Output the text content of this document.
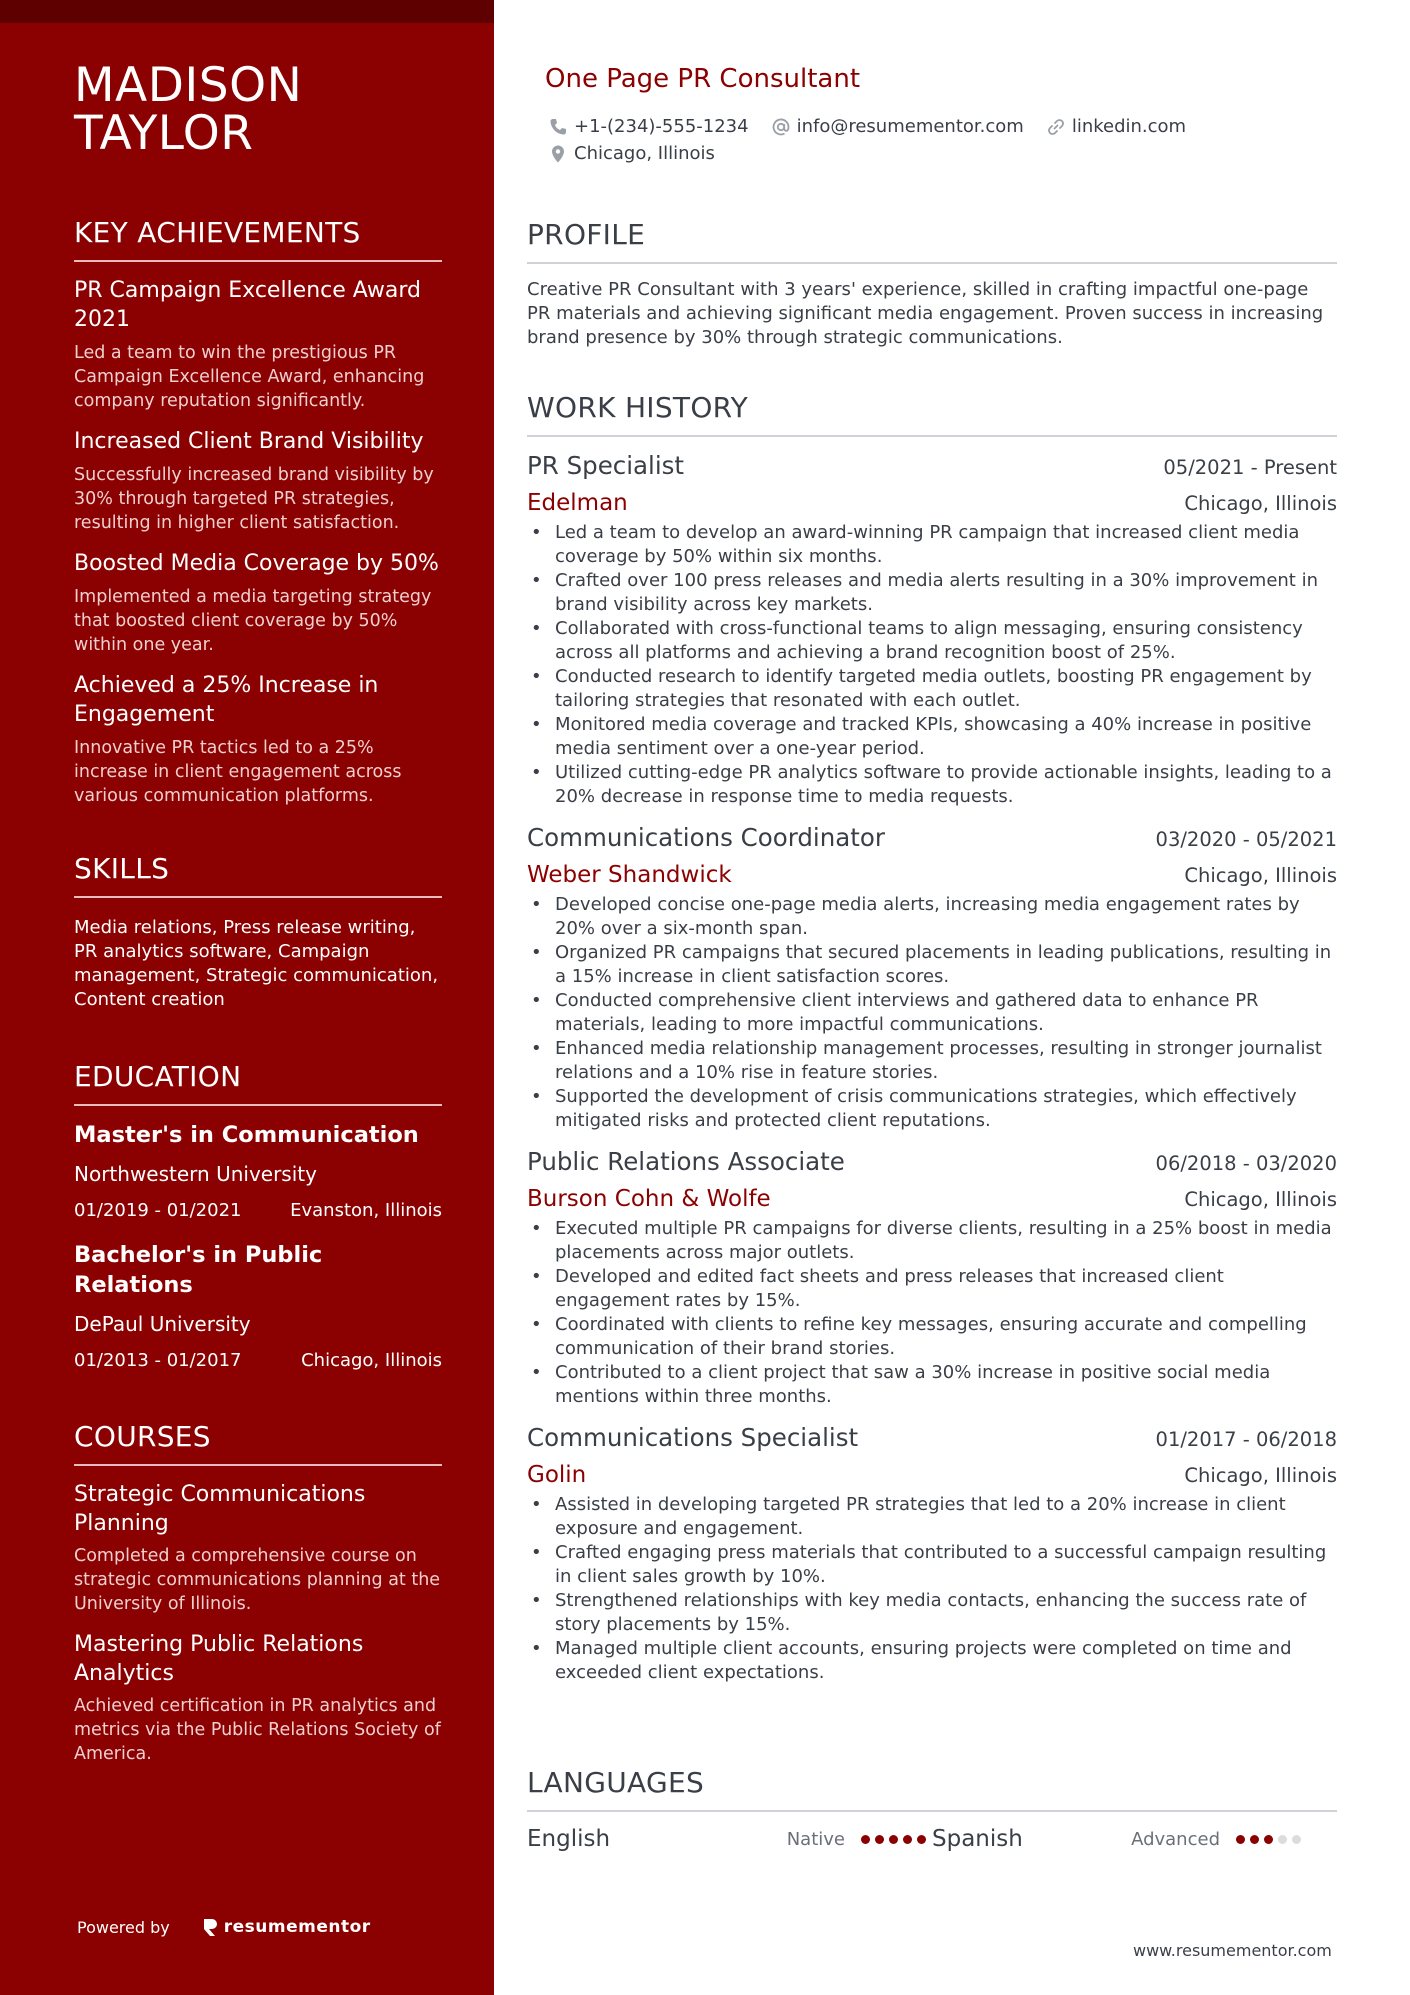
MADISON
TAYLOR
KEY ACHIEVEMENTS
PR Campaign Excellence Award 2021
Led a team to win the prestigious PR Campaign Excellence Award, enhancing company reputation significantly.
Increased Client Brand Visibility
Successfully increased brand visibility by 30% through targeted PR strategies, resulting in higher client satisfaction.
Boosted Media Coverage by 50%
Implemented a media targeting strategy that boosted client coverage by 50% within one year.
Achieved a 25% Increase in Engagement
Innovative PR tactics led to a 25% increase in client engagement across various communication platforms.
SKILLS
Media relations, Press release writing, PR analytics software, Campaign management, Strategic communication, Content creation
EDUCATION
Master's in Communication
Northwestern University
01/2019 - 01/2021	Evanston, Illinois
Bachelor's in Public Relations
DePaul University
01/2013 - 01/2017	Chicago, Illinois
COURSES
Strategic Communications Planning
Completed a comprehensive course on strategic communications planning at the University of Illinois.
Mastering Public Relations Analytics
Achieved certification in PR analytics and metrics via the Public Relations Society of America.
Powered by	resumementor
One Page PR Consultant
+1-(234)-555-1234	info@resumementor.com	linkedin.com
Chicago, Illinois
PROFILE
Creative PR Consultant with 3 years' experience, skilled in crafting impactful one-page PR materials and achieving significant media engagement. Proven success in increasing brand presence by 30% through strategic communications.
WORK HISTORY
PR Specialist	05/2021 - Present
Edelman	Chicago, Illinois
• Led a team to develop an award-winning PR campaign that increased client media coverage by 50% within six months.
• Crafted over 100 press releases and media alerts resulting in a 30% improvement in brand visibility across key markets.
• Collaborated with cross-functional teams to align messaging, ensuring consistency across all platforms and achieving a brand recognition boost of 25%.
• Conducted research to identify targeted media outlets, boosting PR engagement by tailoring strategies that resonated with each outlet.
• Monitored media coverage and tracked KPIs, showcasing a 40% increase in positive media sentiment over a one-year period.
• Utilized cutting-edge PR analytics software to provide actionable insights, leading to a 20% decrease in response time to media requests.
Communications Coordinator	03/2020 - 05/2021
Weber Shandwick	Chicago, Illinois
• Developed concise one-page media alerts, increasing media engagement rates by 20% over a six-month span.
• Organized PR campaigns that secured placements in leading publications, resulting in a 15% increase in client satisfaction scores.
• Conducted comprehensive client interviews and gathered data to enhance PR materials, leading to more impactful communications.
• Enhanced media relationship management processes, resulting in stronger journalist relations and a 10% rise in feature stories.
• Supported the development of crisis communications strategies, which effectively mitigated risks and protected client reputations.
Public Relations Associate	06/2018 - 03/2020
Burson Cohn & Wolfe	Chicago, Illinois
• Executed multiple PR campaigns for diverse clients, resulting in a 25% boost in media placements across major outlets.
• Developed and edited fact sheets and press releases that increased client engagement rates by 15%.
• Coordinated with clients to refine key messages, ensuring accurate and compelling communication of their brand stories.
• Contributed to a client project that saw a 30% increase in positive social media mentions within three months.
Communications Specialist	01/2017 - 06/2018
Golin	Chicago, Illinois
• Assisted in developing targeted PR strategies that led to a 20% increase in client exposure and engagement.
• Crafted engaging press materials that contributed to a successful campaign resulting in client sales growth by 10%.
• Strengthened relationships with key media contacts, enhancing the success rate of story placements by 15%.
• Managed multiple client accounts, ensuring projects were completed on time and exceeded client expectations.
LANGUAGES
English	Native	Spanish	Advanced
www.resumementor.com
